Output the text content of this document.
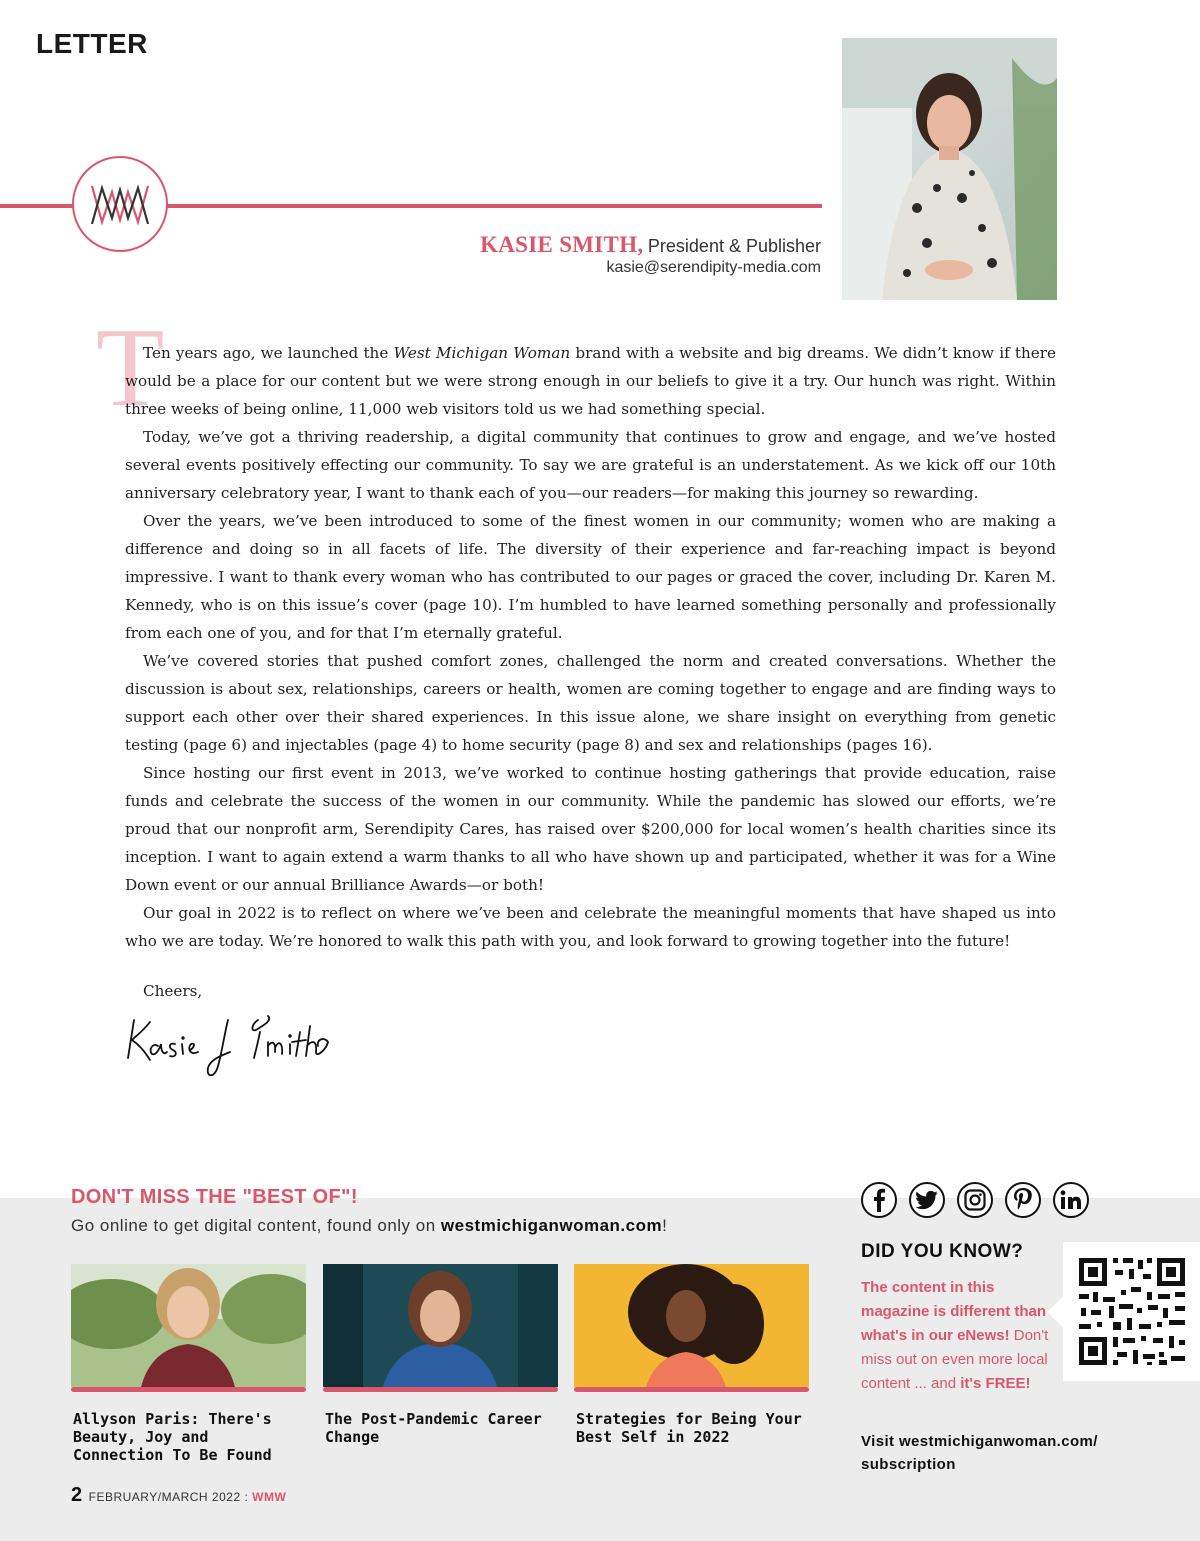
LETTER
KASIE SMITH, President & Publisher
kasie@serendipity-media.com
T

Ten years ago, we launched the West Michigan Woman brand with a website and big dreams. We didn’t know if there would be a place for our content but we were strong enough in our beliefs to give it a try. Our hunch was right. Within three weeks of being online, 11,000 web visitors told us we had something special.

Today, we’ve got a thriving readership, a digital community that continues to grow and engage, and we’ve hosted several events positively effecting our community. To say we are grateful is an understatement. As we kick off our 10th anniversary celebratory year, I want to thank each of you—our readers—for making this journey so rewarding.

Over the years, we’ve been introduced to some of the finest women in our community; women who are making a difference and doing so in all facets of life. The diversity of their experience and far-reaching impact is beyond impressive. I want to thank every woman who has contributed to our pages or graced the cover, including Dr. Karen M. Kennedy, who is on this issue’s cover (page 10). I’m humbled to have learned something personally and professionally from each one of you, and for that I’m eternally grateful.

We’ve covered stories that pushed comfort zones, challenged the norm and created conversations. Whether the discussion is about sex, relationships, careers or health, women are coming together to engage and are finding ways to support each other over their shared experiences. In this issue alone, we share insight on everything from genetic testing (page 6) and injectables (page 4) to home security (page 8) and sex and relationships (pages 16).

Since hosting our first event in 2013, we’ve worked to continue hosting gatherings that provide education, raise funds and celebrate the success of the women in our community. While the pandemic has slowed our efforts, we’re proud that our nonprofit arm, Serendipity Cares, has raised over $200,000 for local women’s health charities since its inception. I want to again extend a warm thanks to all who have shown up and participated, whether it was for a Wine Down event or our annual Brilliance Awards—or both!

Our goal in 2022 is to reflect on where we’ve been and celebrate the meaningful moments that have shaped us into who we are today. We’re honored to walk this path with you, and look forward to growing together into the future!

Cheers,
DON'T MISS THE "BEST OF"!
Go online to get digital content, found only on westmichiganwoman.com!
Allyson Paris: There's Beauty, Joy and Connection To Be Found
The Post-Pandemic Career Change
Strategies for Being Your Best Self in 2022
DID YOU KNOW?
The content in this magazine is different than what's in our eNews! Don't miss out on even more local content ... and it's FREE!
Visit westmichiganwoman.com/ subscription
2 FEBRUARY/MARCH 2022 : WMW
